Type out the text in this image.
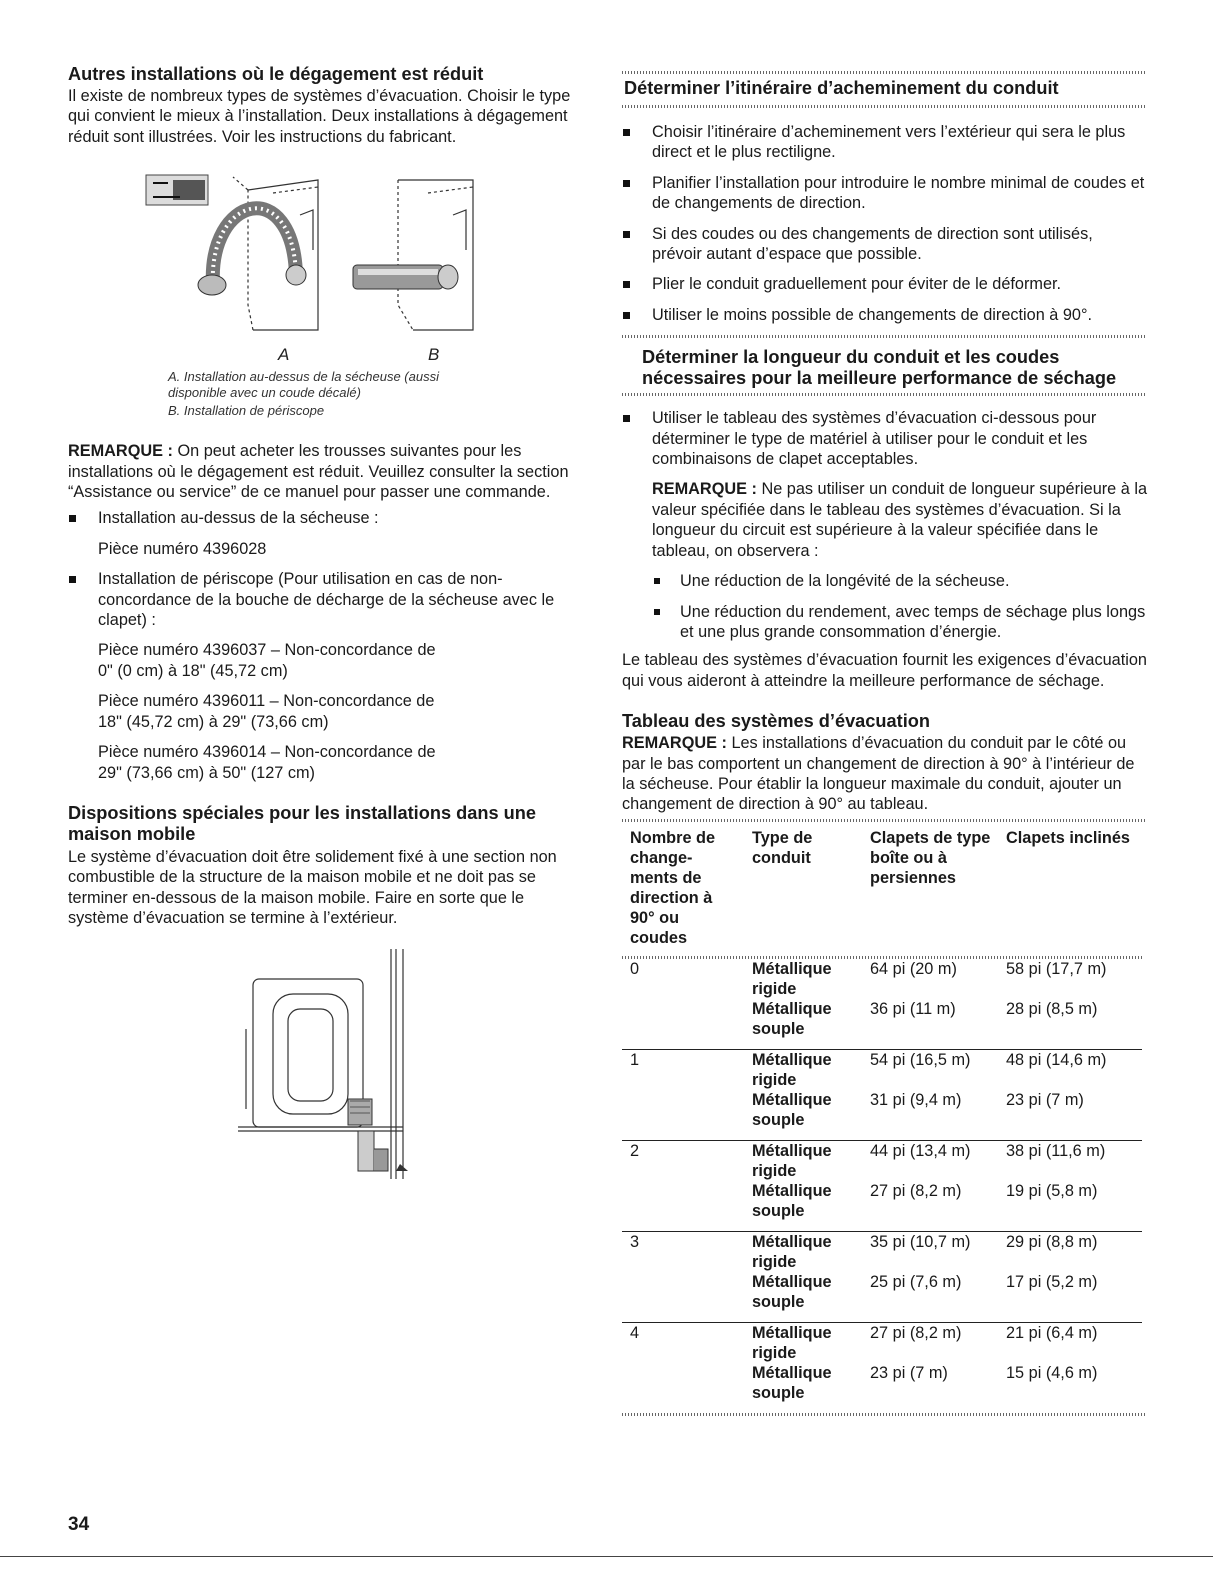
Autres installations où le dégagement est réduit

Il existe de nombreux types de systèmes d’évacuation. Choisir le type qui convient le mieux à l’installation. Deux installations à dégagement réduit sont illustrées. Voir les instructions du fabricant.

A	B
A. Installation au-dessus de la sécheuse (aussi disponible avec un coude décalé)
B. Installation de périscope

REMARQUE : On peut acheter les trousses suivantes pour les installations où le dégagement est réduit. Veuillez consulter la section “Assistance ou service” de ce manuel pour passer une commande.

Installation au-dessus de la sécheuse :
Pièce numéro 4396028
Installation de périscope (Pour utilisation en cas de non-concordance de la bouche de décharge de la sécheuse avec le clapet) :
Pièce numéro 4396037 – Non-concordance de
0" (0 cm) à 18" (45,72 cm)
Pièce numéro 4396011 – Non-concordance de
18" (45,72 cm) à 29" (73,66 cm)
Pièce numéro 4396014 – Non-concordance de
29" (73,66 cm) à 50" (127 cm)
Dispositions spéciales pour les installations dans une maison mobile

Le système d’évacuation doit être solidement fixé à une section non combustible de la structure de la maison mobile et ne doit pas se terminer en-dessous de la maison mobile. Faire en sorte que le système d’évacuation se termine à l’extérieur.

Déterminer l’itinéraire d’acheminement du conduit
Choisir l’itinéraire d’acheminement vers l’extérieur qui sera le plus direct et le plus rectiligne.
Planifier l’installation pour introduire le nombre minimal de coudes et de changements de direction.
Si des coudes ou des changements de direction sont utilisés, prévoir autant d’espace que possible.
Plier le conduit graduellement pour éviter de le déformer.
Utiliser le moins possible de changements de direction à 90°.
Déterminer la longueur du conduit et les coudes nécessaires pour la meilleure performance de séchage
Utiliser le tableau des systèmes d’évacuation ci-dessous pour déterminer le type de matériel à utiliser pour le conduit et les combinaisons de clapet acceptables.
REMARQUE : Ne pas utiliser un conduit de longueur supérieure à la valeur spécifiée dans le tableau des systèmes d’évacuation. Si la longueur du circuit est supérieure à la valeur spécifiée dans le tableau, on observera :
Une réduction de la longévité de la sécheuse.
Une réduction du rendement, avec temps de séchage plus longs et une plus grande consommation d’énergie.

Le tableau des systèmes d’évacuation fournit les exigences d’évacuation qui vous aideront à atteindre la meilleure performance de séchage.

Tableau des systèmes d’évacuation

REMARQUE : Les installations d’évacuation du conduit par le côté ou par le bas comportent un changement de direction à 90° à l’intérieur de la sécheuse. Pour établir la longueur maximale du conduit, ajouter un changement de direction à 90° au tableau.

Nombre de change-ments de direction à 90° ou coudes	Type de conduit	Clapets de type boîte ou à persiennes	Clapets inclinés

0	Métallique rigide	64 pi (20 m)	58 pi (17,7 m)
	Métallique souple	36 pi (11 m)	28 pi (8,5 m)
1	Métallique rigide	54 pi (16,5 m)	48 pi (14,6 m)
	Métallique souple	31 pi (9,4 m)	23 pi (7 m)
2	Métallique rigide	44 pi (13,4 m)	38 pi (11,6 m)
	Métallique souple	27 pi (8,2 m)	19 pi (5,8 m)
3	Métallique rigide	35 pi (10,7 m)	29 pi (8,8 m)
	Métallique souple	25 pi (7,6 m)	17 pi (5,2 m)
4	Métallique rigide	27 pi (8,2 m)	21 pi (6,4 m)
	Métallique souple	23 pi (7 m)	15 pi (4,6 m)
34
